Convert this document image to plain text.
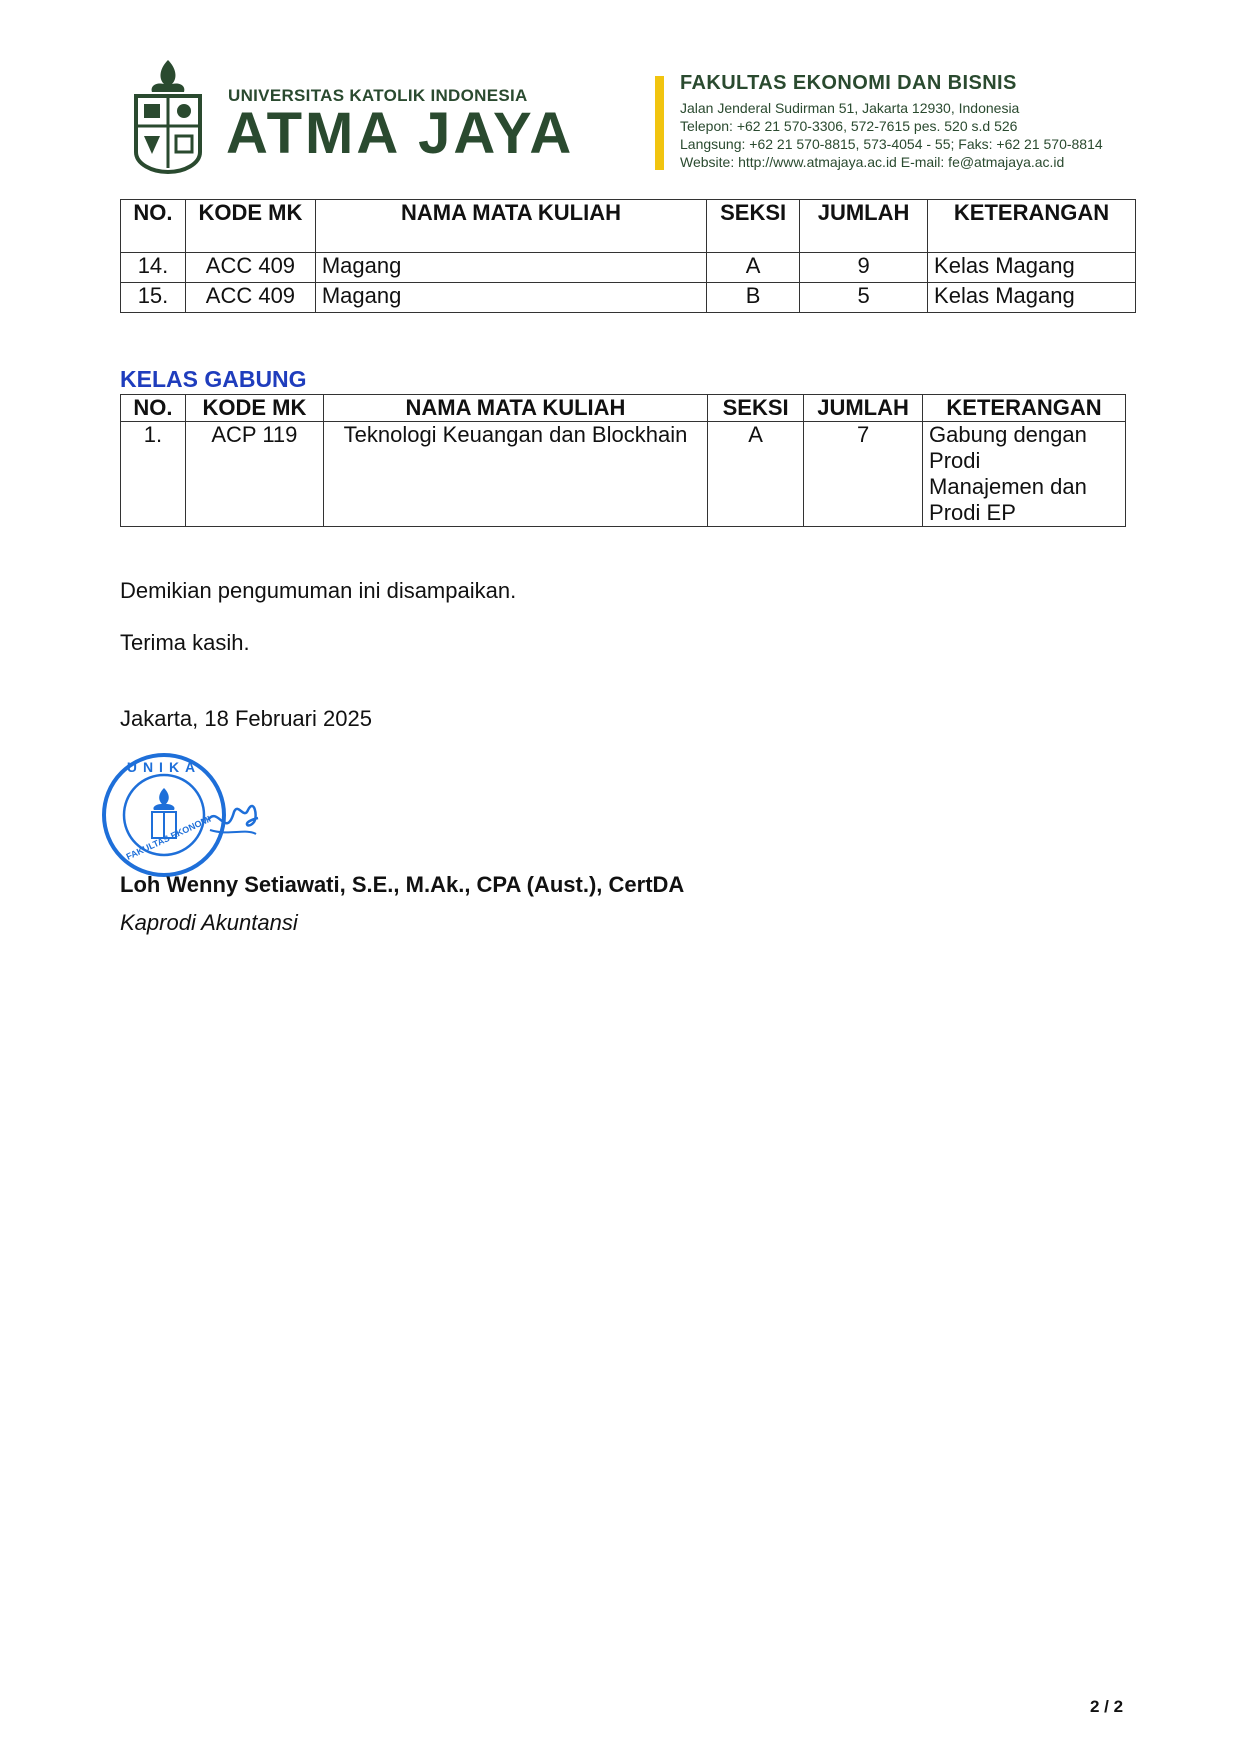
UNIVERSITAS KATOLIK INDONESIA
ATMA JAYA
FAKULTAS EKONOMI DAN BISNIS
Jalan Jenderal Sudirman 51, Jakarta 12930, Indonesia
Telepon: +62 21 570-3306, 572-7615 pes. 520 s.d 526
Langsung: +62 21 570-8815, 573-4054 - 55; Faks: +62 21 570-8814
Website: http://www.atmajaya.ac.id E-mail: fe@atmajaya.ac.id
NO.	KODE MK	NAMA MATA KULIAH	SEKSI	JUMLAH	KETERANGAN
14.	ACC 409	Magang	A	9	Kelas Magang
15.	ACC 409	Magang	B	5	Kelas Magang
KELAS GABUNG
NO.	KODE MK	NAMA MATA KULIAH	SEKSI	JUMLAH	KETERANGAN
1.	ACP 119	Teknologi Keuangan dan Blockhain	A	7	Gabung dengan
Prodi
Manajemen dan
Prodi EP
Demikian pengumuman ini disampaikan.
Terima kasih.
Jakarta, 18 Februari 2025
UNIKA
FAKULTAS EKONOMI
Loh Wenny Setiawati, S.E., M.Ak., CPA (Aust.), CertDA
Kaprodi Akuntansi
2 / 2
